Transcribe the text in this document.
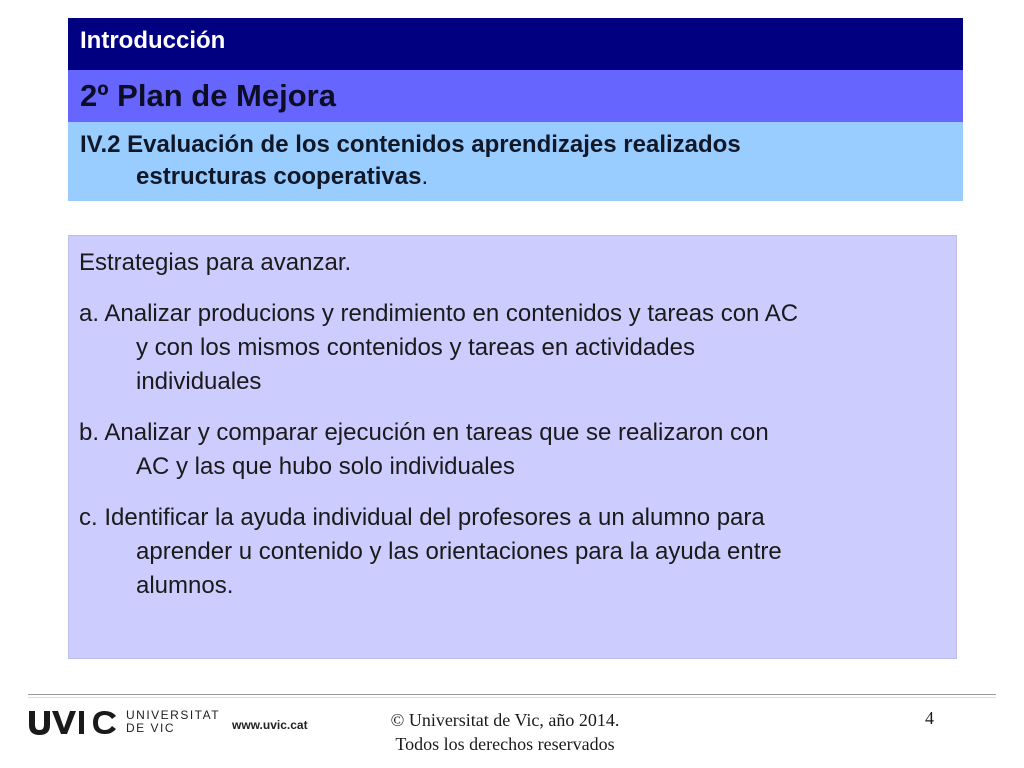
Introducción
2º Plan de Mejora
IV.2 Evaluación de los contenidos aprendizajes realizados
estructuras cooperativas.

Estrategias para avanzar.

a. Analizar producions y rendimiento en contenidos y tareas con AC
y con los mismos contenidos y tareas en actividades
individuales
b. Analizar y comparar ejecución en tareas que se realizaron con
AC y las que hubo solo individuales
c. Identificar la ayuda individual del profesores a un alumno para
aprender u contenido y las orientaciones para la ayuda entre
alumnos.
UNIVERSITAT
DE VIC	www.uvic.cat	© Universitat de Vic, año 2014.
Todos los derechos reservados
4
